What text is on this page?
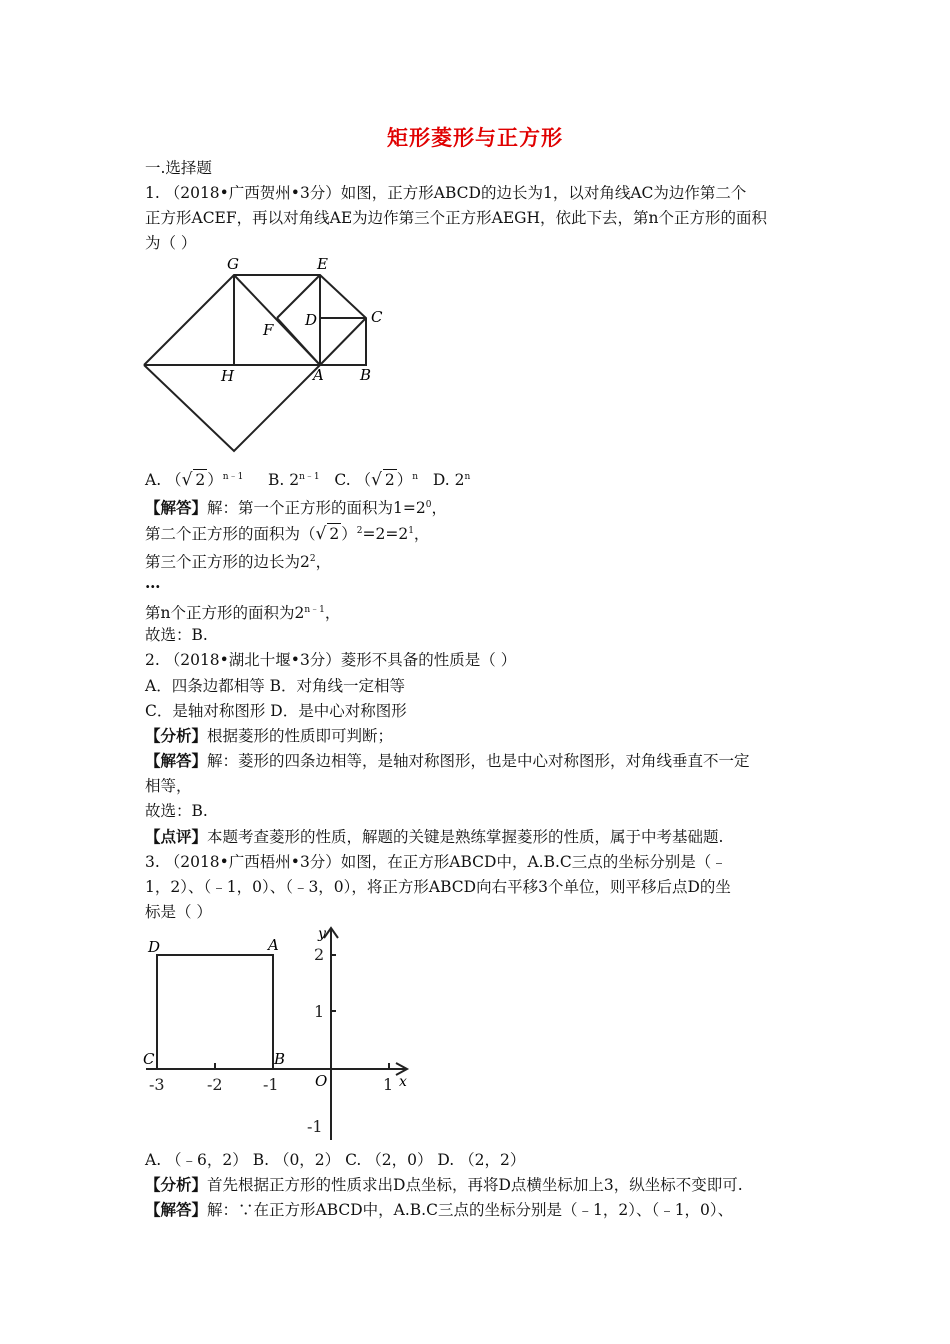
矩形菱形与正方形
一.选择题
1. （2018•广西贺州•3分）如图，正方形ABCD的边长为1，以对角线AC为边作第二个
正方形ACEF，再以对角线AE为边作第三个正方形AEGH，依此下去，第n个正方形的面积
为（ ）
G	E
C
D
F
H	A B
A. （√ 2 ）$^{n﹣1}$ B. $2^{n﹣1}$ C. （√ 2 ）$^n$ D. 2$^n$
【解答】解：第一个正方形的面积为$1=2^0$，
第二个正方形的面积为（√ 2 ）$^2=2=2^1$，
第三个正方形的边长为$2^2$，
…
第n个正方形的面积为$2^{n﹣1}$，
故选：B.
2. （2018•湖北十堰•3分）菱形不具备的性质是（ ）
A．四条边都相等 B．对角线一定相等
C．是轴对称图形 D．是中心对称图形
【分析】根据菱形的性质即可判断；
【解答】解：菱形的四条边相等，是轴对称图形，也是中心对称图形，对角线垂直不一定
相等，
故选：B.
【点评】本题考查菱形的性质，解题的关键是熟练掌握菱形的性质，属于中考基础题.
3. （2018•广西梧州•3分）如图，在正方形ABCD中，A.B.C三点的坐标分别是（﹣
1，2）、（﹣1，0）、（﹣3，0），将正方形ABCD向右平移3个单位，则平移后点D的坐
标是（ ）
D	A
C	B
O	x
y
-3	-2	-1	1
2
1
-1
A. （﹣6，2） B. （0，2） C. （2，0） D. （2，2）
【分析】首先根据正方形的性质求出D点坐标，再将D点横坐标加上3，纵坐标不变即可.
【解答】解：∵在正方形ABCD中，A.B.C三点的坐标分别是（﹣1，2）、（﹣1，0）、
